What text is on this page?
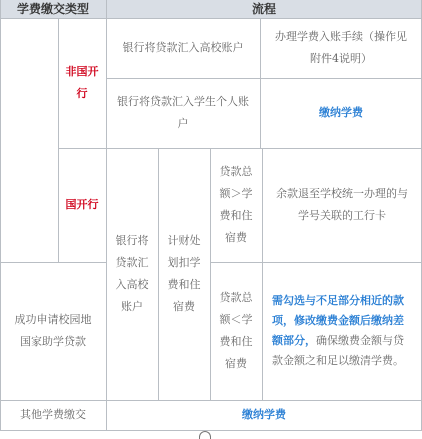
学费缴交类型	流程
非国开行
国开行
银行将贷款汇入高校账户
办理学费入账手续（操作见附件4说明）
银行将贷款汇入学生个人账户
缴纳学费
银行将贷款汇入高校账户
计财处划扣学费和住宿费
贷款总额＞学费和住宿费
余款退至学校统一办理的与学号关联的工行卡
贷款总额＜学费和住宿费
需勾选与不足部分相近的款项，修改缴费金额后缴纳差额部分，确保缴费金额与贷款金额之和足以缴清学费。
成功申请校园地国家助学贷款
其他学费缴交	缴纳学费
